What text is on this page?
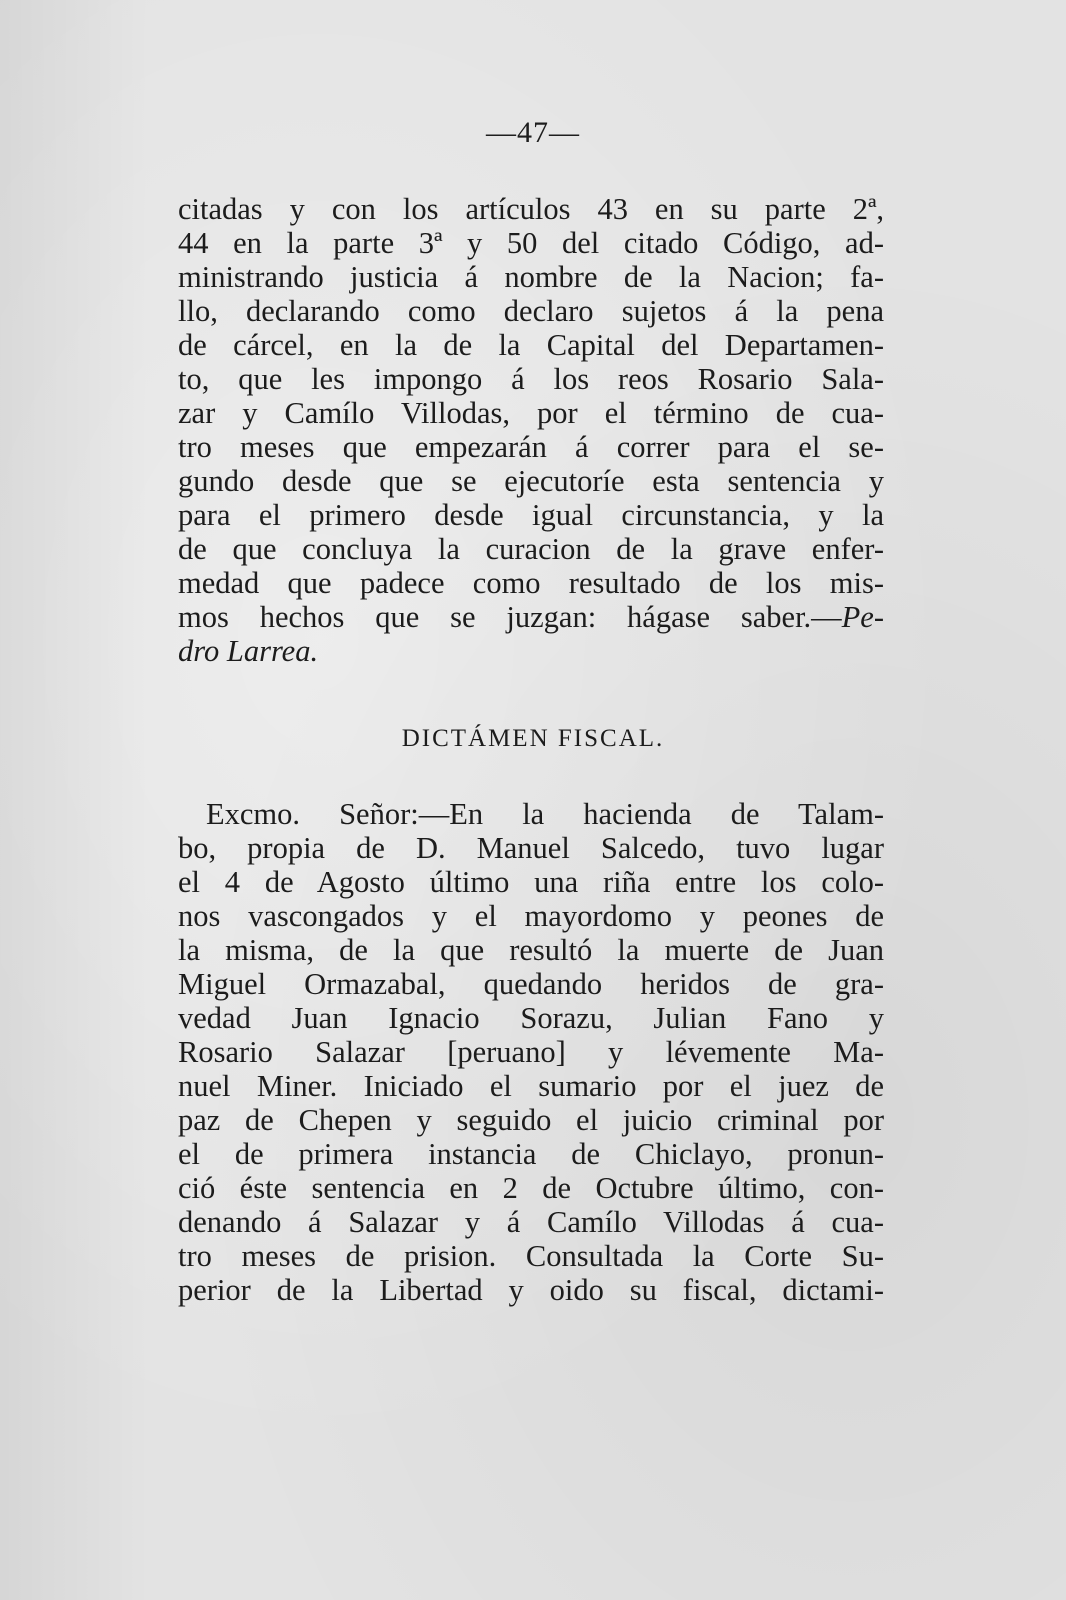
—47—
citadas y con los artículos 43 en su parte 2ª,
44 en la parte 3ª y 50 del citado Código, ad-
ministrando justicia á nombre de la Nacion; fa-
llo, declarando como declaro sujetos á la pena
de cárcel, en la de la Capital del Departamen-
to, que les impongo á los reos Rosario Sala-
zar y Camílo Villodas, por el término de cua-
tro meses que empezarán á correr para el se-
gundo desde que se ejecutoríe esta sentencia y
para el primero desde igual circunstancia, y la
de que concluya la curacion de la grave enfer-
medad que padece como resultado de los mis-
mos hechos que se juzgan: hágase saber.—Pe-
dro Larrea.
DICTÁMEN FISCAL.
Excmo. Señor:—En la hacienda de Talam-
bo, propia de D. Manuel Salcedo, tuvo lugar
el 4 de Agosto último una riña entre los colo-
nos vascongados y el mayordomo y peones de
la misma, de la que resultó la muerte de Juan
Miguel Ormazabal, quedando heridos de gra-
vedad Juan Ignacio Sorazu, Julian Fano y
Rosario Salazar [peruano] y lévemente Ma-
nuel Miner. Iniciado el sumario por el juez de
paz de Chepen y seguido el juicio criminal por
el de primera instancia de Chiclayo, pronun-
ció éste sentencia en 2 de Octubre último, con-
denando á Salazar y á Camílo Villodas á cua-
tro meses de prision. Consultada la Corte Su-
perior de la Libertad y oido su fiscal, dictami-
